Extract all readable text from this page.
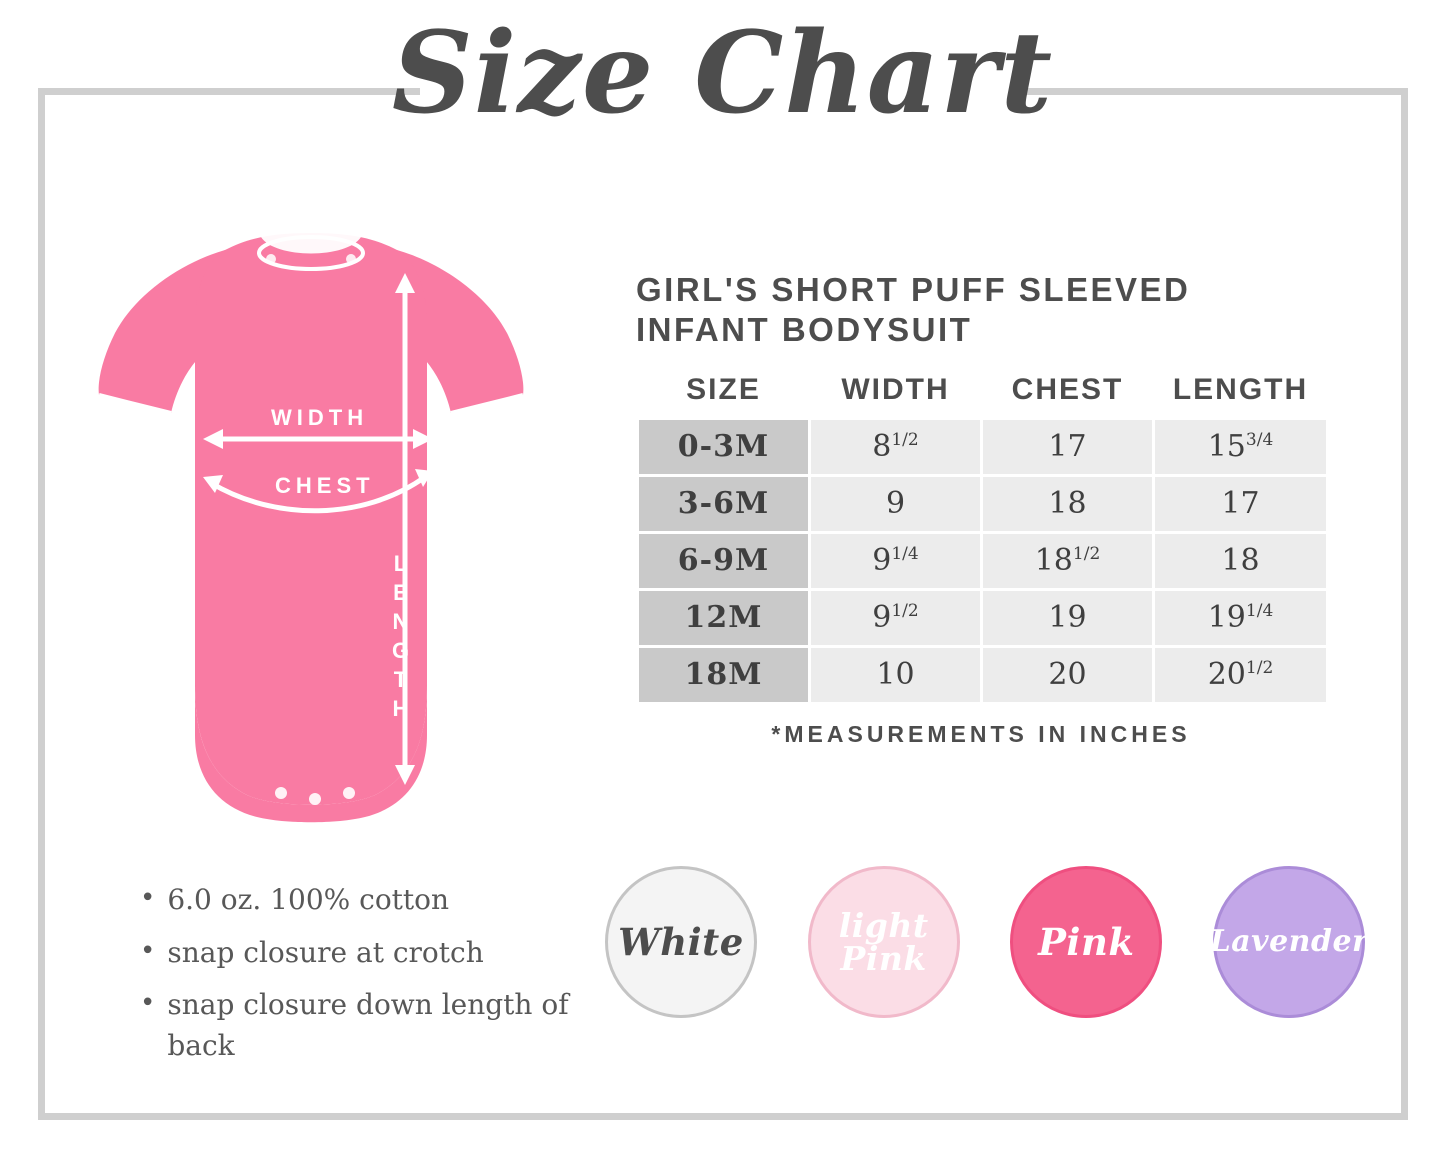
Size Chart
WIDTH
CHEST
LENGTH
• 6.0 oz. 100% cotton
• snap closure at crotch
• snap closure down length of back
GIRL'S SHORT PUFF SLEEVED
INFANT BODYSUIT
SIZE	WIDTH	CHEST	LENGTH
0-3M	$8^{1/2}$	17	$15^{3/4}$
3-6M	9	18	17
6-9M	$9^{1/4}$	$18^{1/2}$	18
12M	$9^{1/2}$	19	$19^{1/4}$
18M	10	20	$20^{1/2}$
*MEASUREMENTS IN INCHES
White	light
Pink	Pink	Lavender
